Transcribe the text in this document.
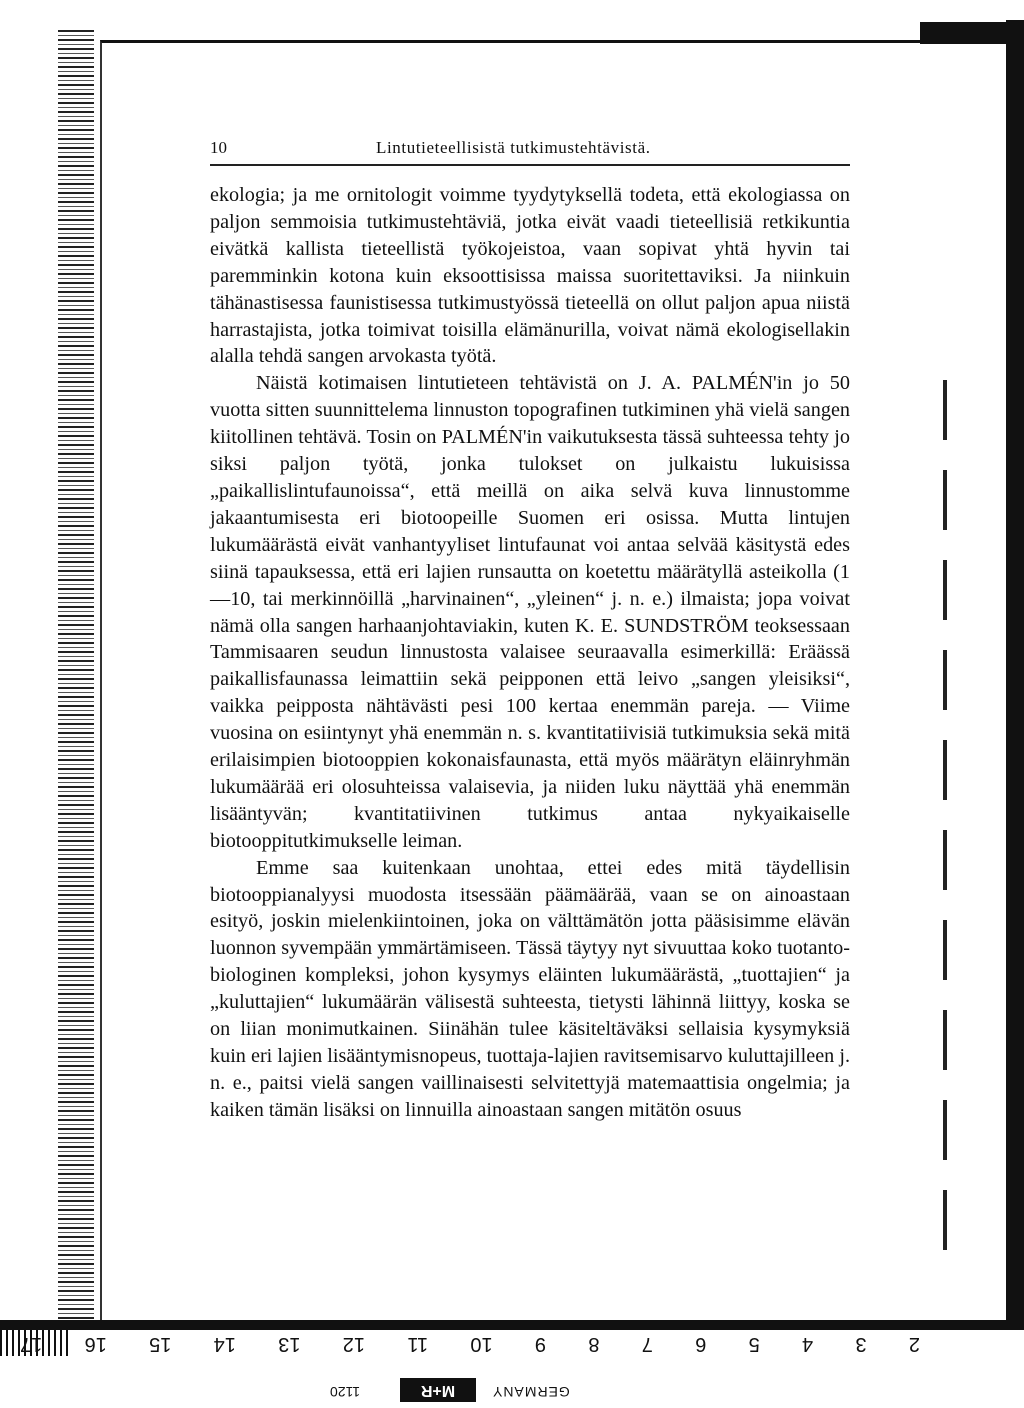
10	Lintutieteellisistä tutkimustehtävistä.

ekologia; ja me ornitologit voimme tyydytyksellä todeta, että ekologiassa on paljon semmoisia tutkimustehtäviä, jotka eivät vaadi tieteellisiä retkikuntia eivätkä kallista tieteellistä työkojeistoa, vaan sopivat yhtä hyvin tai paremminkin kotona kuin eksoottisissa maissa suoritettaviksi. Ja niinkuin tähänastisessa faunistisessa tutkimustyössä tieteellä on ollut paljon apua niistä harrastajista, jotka toimivat toisilla elämänurilla, voivat nämä ekologisellakin alalla tehdä sangen arvokasta työtä.

Näistä kotimaisen lintutieteen tehtävistä on J. A. PALMÉN'in jo 50 vuotta sitten suunnittelema linnuston topografinen tutkiminen yhä vielä sangen kiitollinen tehtävä. Tosin on PALMÉN'in vaikutuksesta tässä suhteessa tehty jo siksi paljon työtä, jonka tulokset on julkaistu lukuisissa „paikallislintufaunoissa“, että meillä on aika selvä kuva linnustomme jakaantumisesta eri biotoopeille Suomen eri osissa. Mutta lintujen lukumäärästä eivät vanhantyyliset lintufaunat voi antaa selvää käsitystä edes siinä tapauksessa, että eri lajien runsautta on koetettu määrätyllä asteikolla (1—10, tai merkinnöillä „harvinainen“, „yleinen“ j. n. e.) ilmaista; jopa voivat nämä olla sangen harhaanjohtaviakin, kuten K. E. SUNDSTRÖM teoksessaan Tammisaaren seudun linnustosta valaisee seuraavalla esimerkillä: Eräässä paikallisfaunassa leimattiin sekä peipponen että leivo „sangen yleisiksi“, vaikka peipposta nähtävästi pesi 100 kertaa enemmän pareja. — Viime vuosina on esiintynyt yhä enemmän n. s. kvantitatiivisiä tutkimuksia sekä mitä erilaisimpien biotooppien kokonaisfaunasta, että myös määrätyn eläinryhmän lukumäärää eri olosuhteissa valaisevia, ja niiden luku näyttää yhä enemmän lisääntyvän; kvantitatiivinen tutkimus antaa nykyaikaiselle biotooppitutkimukselle leiman.

Emme saa kuitenkaan unohtaa, ettei edes mitä täydellisin biotooppianalyysi muodosta itsessään päämäärää, vaan se on ainoastaan esityö, joskin mielenkiintoinen, joka on välttämätön jotta pääsisimme elävän luonnon syvempään ymmärtämiseen. Tässä täytyy nyt sivuuttaa koko tuotanto-biologinen kompleksi, johon kysymys eläinten lukumäärästä, „tuottajien“ ja „kuluttajien“ lukumäärän välisestä suhteesta, tietysti lähinnä liittyy, koska se on liian monimutkainen. Siinähän tulee käsiteltäväksi sellaisia kysymyksiä kuin eri lajien lisääntymisnopeus, tuottaja-lajien ravitsemisarvo kuluttajilleen j. n. e., paitsi vielä sangen vaillinaisesti selvitettyjä matemaattisia ongelmia; ja kaiken tämän lisäksi on linnuilla ainoastaan sangen mitätön osuus

2
3
4
5
6
7
8
9
10
11
12
13
14
15
16
17
1120	M+R	GERMANY
